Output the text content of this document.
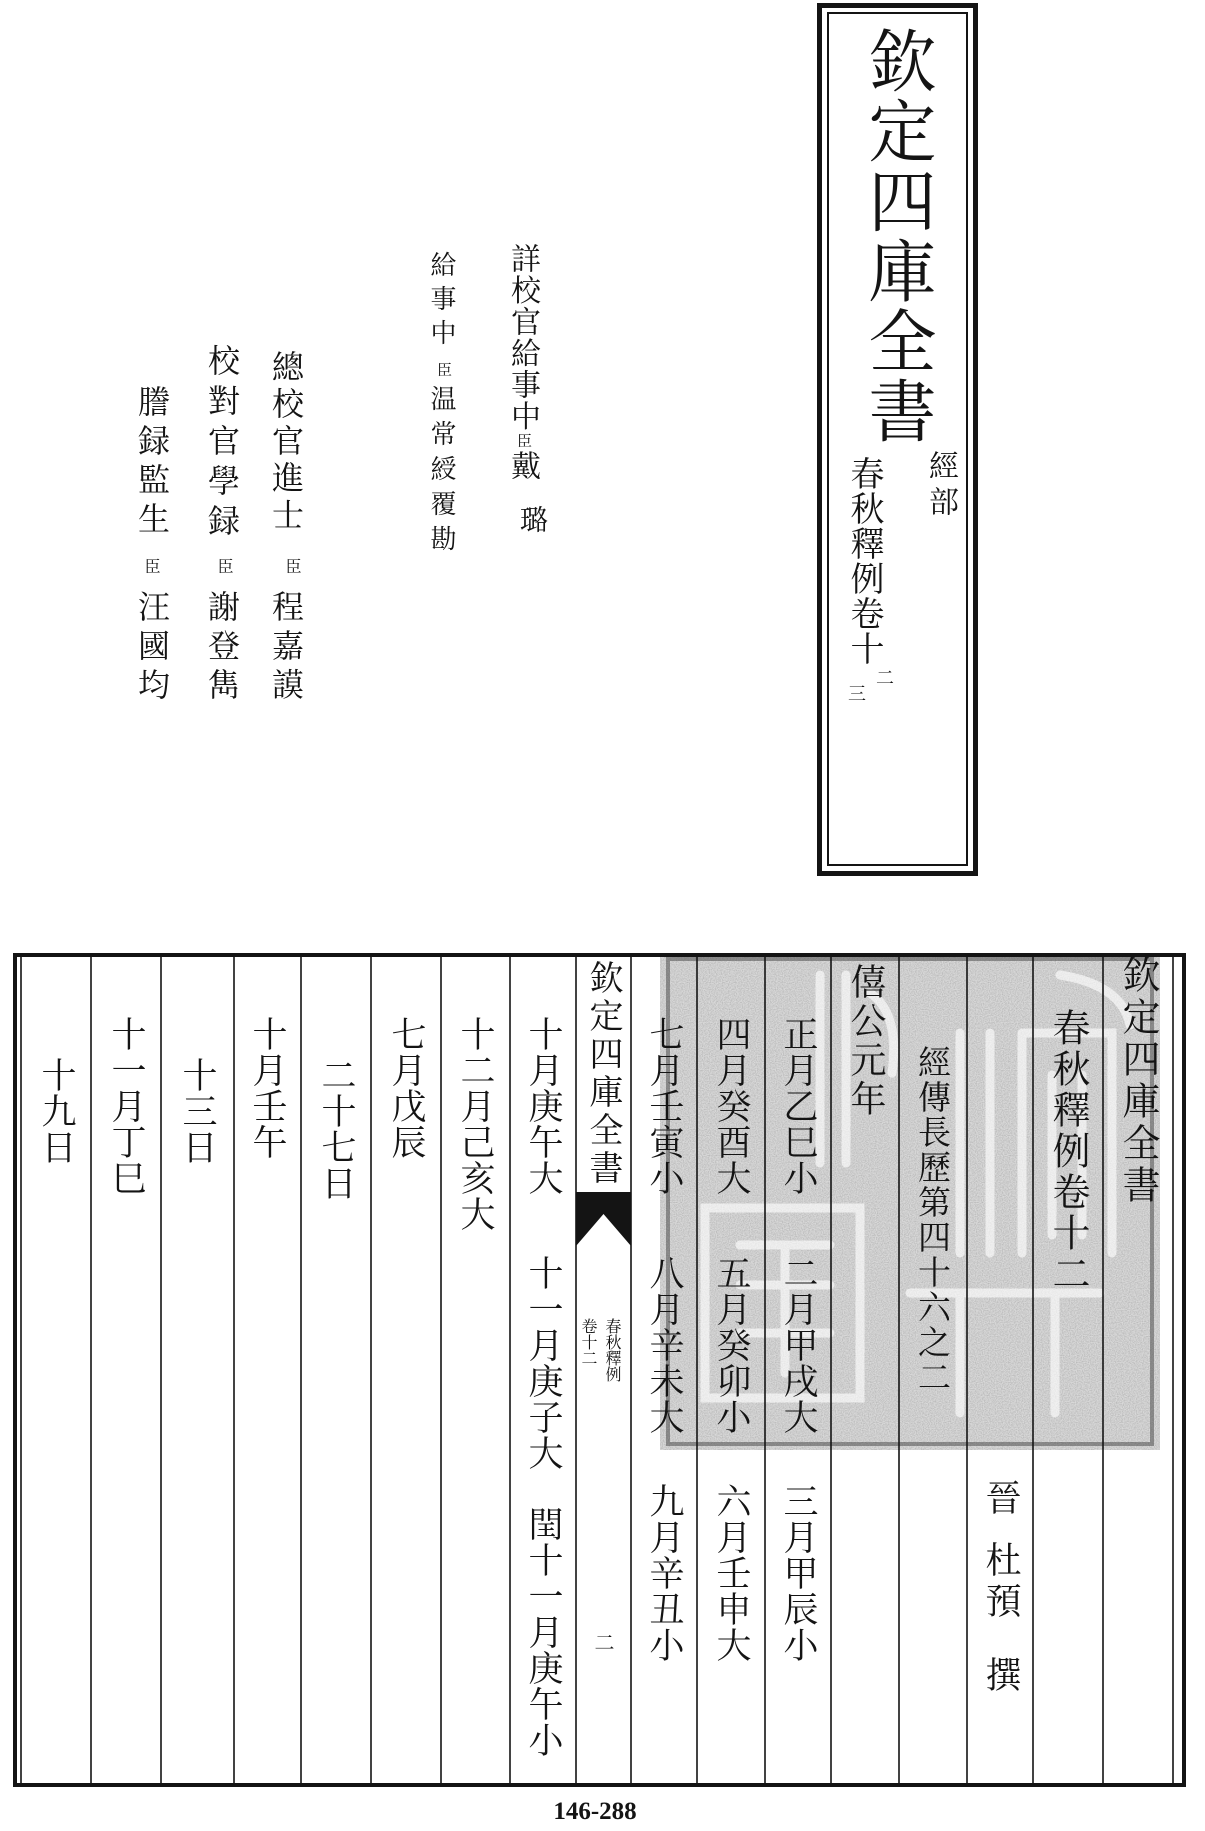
欽定四庫全書
經部
春秋釋例卷十
二
三
詳校官給事中
臣
戴
璐
給事中
臣
温常綬
覆勘
總校官進士
臣
程嘉謨
校對官學録
臣
謝登雋
謄録監生
臣
汪國均
欽定四庫全書
春秋釋例卷十二
晉
杜預
撰
經傳長歷第四十六之二
僖公元年
正月乙巳小
二月甲戌大
三月甲辰小
四月癸酉大
五月癸卯小
六月壬申大
七月壬寅小
八月辛未大
九月辛丑小
欽定四庫全書
春秋釋例
卷十二
二
十月庚午大
十一月庚子大
閏十一月庚午小
十二月己亥大
七月戊辰
二十七日
十月壬午
十三日
十一月丁巳
十九日
146-288
